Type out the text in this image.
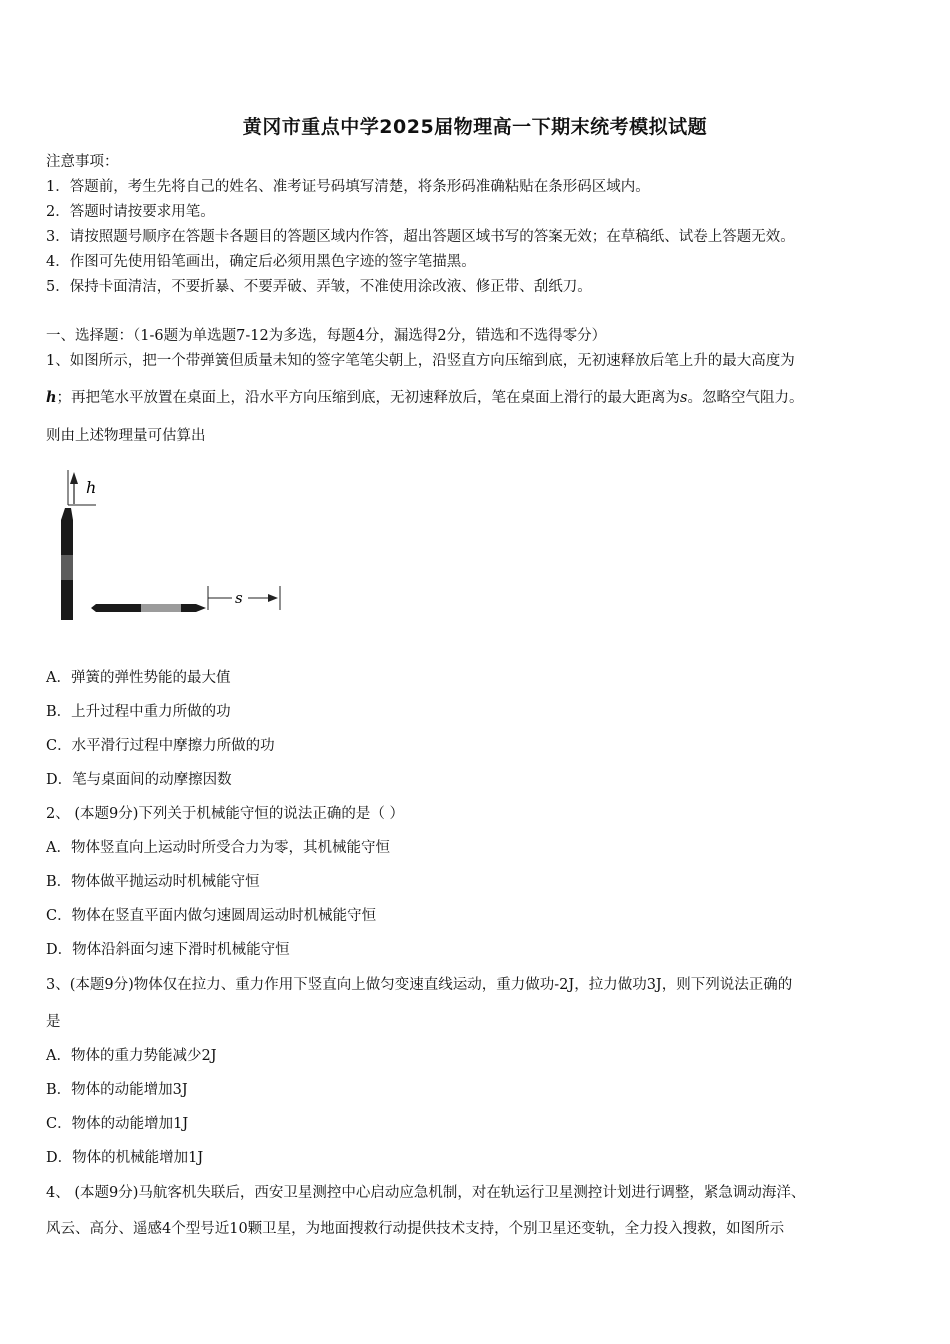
黄冈市重点中学2025届物理高一下期末统考模拟试题
注意事项：
1．答题前，考生先将自己的姓名、准考证号码填写清楚，将条形码准确粘贴在条形码区域内。
2．答题时请按要求用笔。
3．请按照题号顺序在答题卡各题目的答题区域内作答，超出答题区域书写的答案无效；在草稿纸、试卷上答题无效。
4．作图可先使用铅笔画出，确定后必须用黑色字迹的签字笔描黑。
5．保持卡面清洁，不要折暴、不要弄破、弄皱，不准使用涂改液、修正带、刮纸刀。
一、选择题：（1-6题为单选题7-12为多选，每题4分，漏选得2分，错选和不选得零分）
1、如图所示，把一个带弹簧但质量未知的签字笔笔尖朝上，沿竖直方向压缩到底，无初速释放后笔上升的最大高度为
h；再把笔水平放置在桌面上，沿水平方向压缩到底，无初速释放后，笔在桌面上滑行的最大距离为s。忽略空气阻力。
则由上述物理量可估算出
h
s
A．弹簧的弹性势能的最大值
B．上升过程中重力所做的功
C．水平滑行过程中摩擦力所做的功
D．笔与桌面间的动摩擦因数
2、 (本题9分)下列关于机械能守恒的说法正确的是（ ）
A．物体竖直向上运动时所受合力为零，其机械能守恒
B．物体做平抛运动时机械能守恒
C．物体在竖直平面内做匀速圆周运动时机械能守恒
D．物体沿斜面匀速下滑时机械能守恒
3、(本题9分)物体仅在拉力、重力作用下竖直向上做匀变速直线运动，重力做功-2J，拉力做功3J，则下列说法正确的
是
A．物体的重力势能减少2J
B．物体的动能增加3J
C．物体的动能增加1J
D．物体的机械能增加1J
4、 (本题9分)马航客机失联后，西安卫星测控中心启动应急机制，对在轨运行卫星测控计划进行调整，紧急调动海洋、
风云、高分、遥感4个型号近10颗卫星，为地面搜救行动提供技术支持，个别卫星还变轨，全力投入搜救，如图所示
